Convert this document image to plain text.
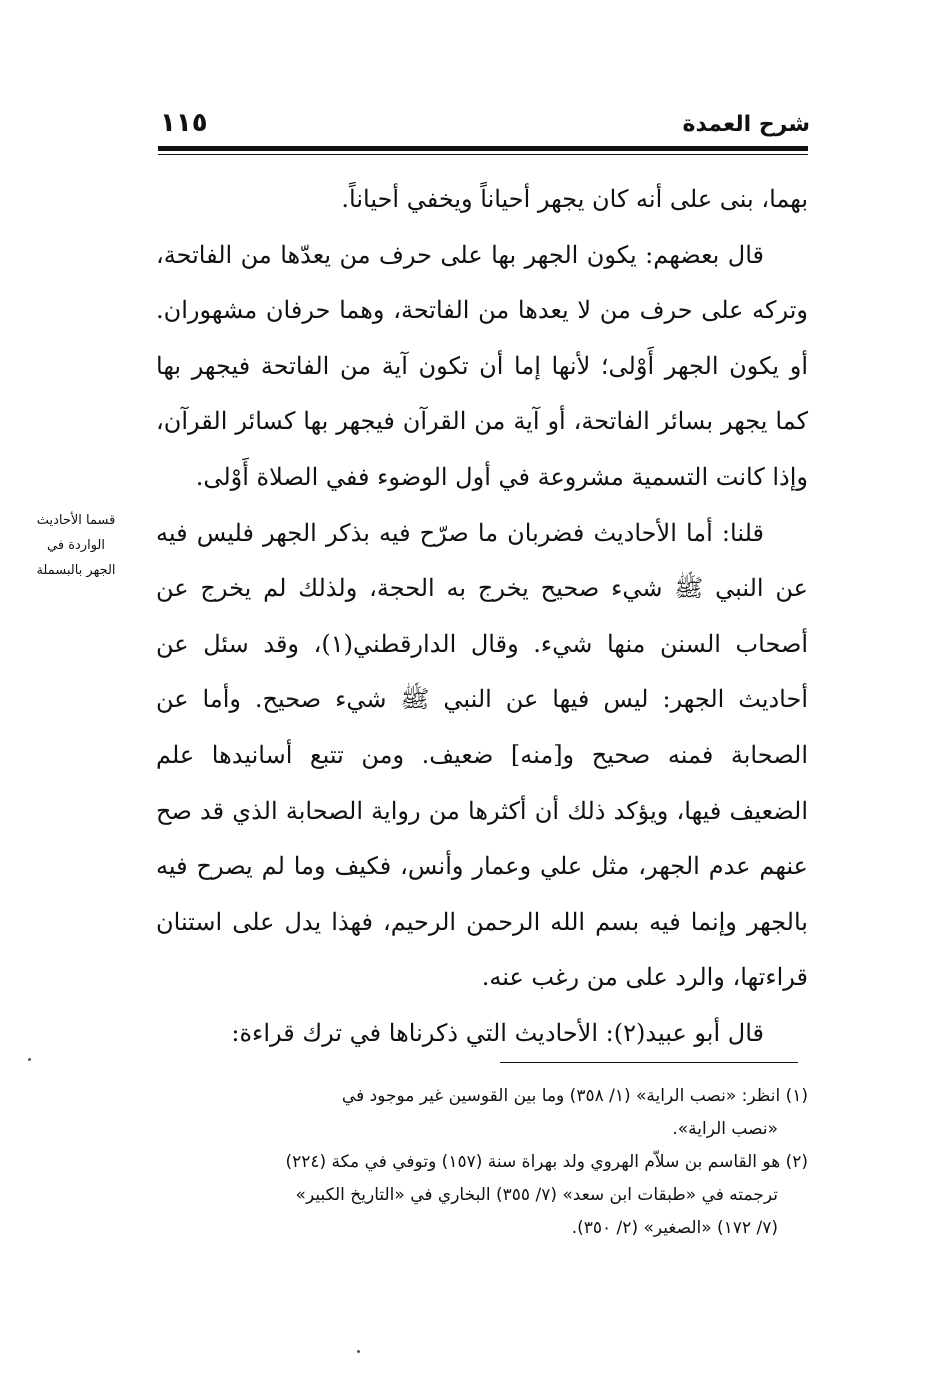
شرح العمدة
١١٥

بهما، بنى على أنه كان يجهر أحياناً ويخفي أحياناً.

قال بعضهم: يكون الجهر بها على حرف من يعدّها من الفاتحة، وتركه على حرف من لا يعدها من الفاتحة، وهما حرفان مشهوران. أو يكون الجهر أَوْلى؛ لأنها إما أن تكون آية من الفاتحة فيجهر بها كما يجهر بسائر الفاتحة، أو آية من القرآن فيجهر بها كسائر القرآن، وإذا كانت التسمية مشروعة في أول الوضوء ففي الصلاة أَوْلى.

قلنا: أما الأحاديث فضربان ما صرّح فيه بذكر الجهر فليس فيه عن النبي ﷺ شيء صحيح يخرج به الحجة، ولذلك لم يخرج عن أصحاب السنن منها شيء. وقال الدارقطني(١)، وقد سئل عن أحاديث الجهر: ليس فيها عن النبي ﷺ شيء صحيح. وأما عن الصحابة فمنه صحيح و[منه] ضعيف. ومن تتبع أسانيدها علم الضعيف فيها، ويؤكد ذلك أن أكثرها من رواية الصحابة الذي قد صح عنهم عدم الجهر، مثل علي وعمار وأنس، فكيف وما لم يصرح فيه بالجهر وإنما فيه بسم الله الرحمن الرحيم، فهذا يدل على استنان قراءتها، والرد على من رغب عنه.

قال أبو عبيد(٢): الأحاديث التي ذكرناها في ترك قراءة:

قسما الأحاديث
الواردة في
الجهر بالبسملة

(١) انظر: «نصب الراية» (١/ ٣٥٨) وما بين القوسين غير موجود في

«نصب الراية».

(٢) هو القاسم بن سلاّم الهروي ولد بهراة سنة (١٥٧) وتوفي في مكة (٢٢٤)

ترجمته في «طبقات ابن سعد» (٧/ ٣٥٥) البخاري في «التاريخ الكبير»

(٧/ ١٧٢) «الصغير» (٢/ ٣٥٠).
